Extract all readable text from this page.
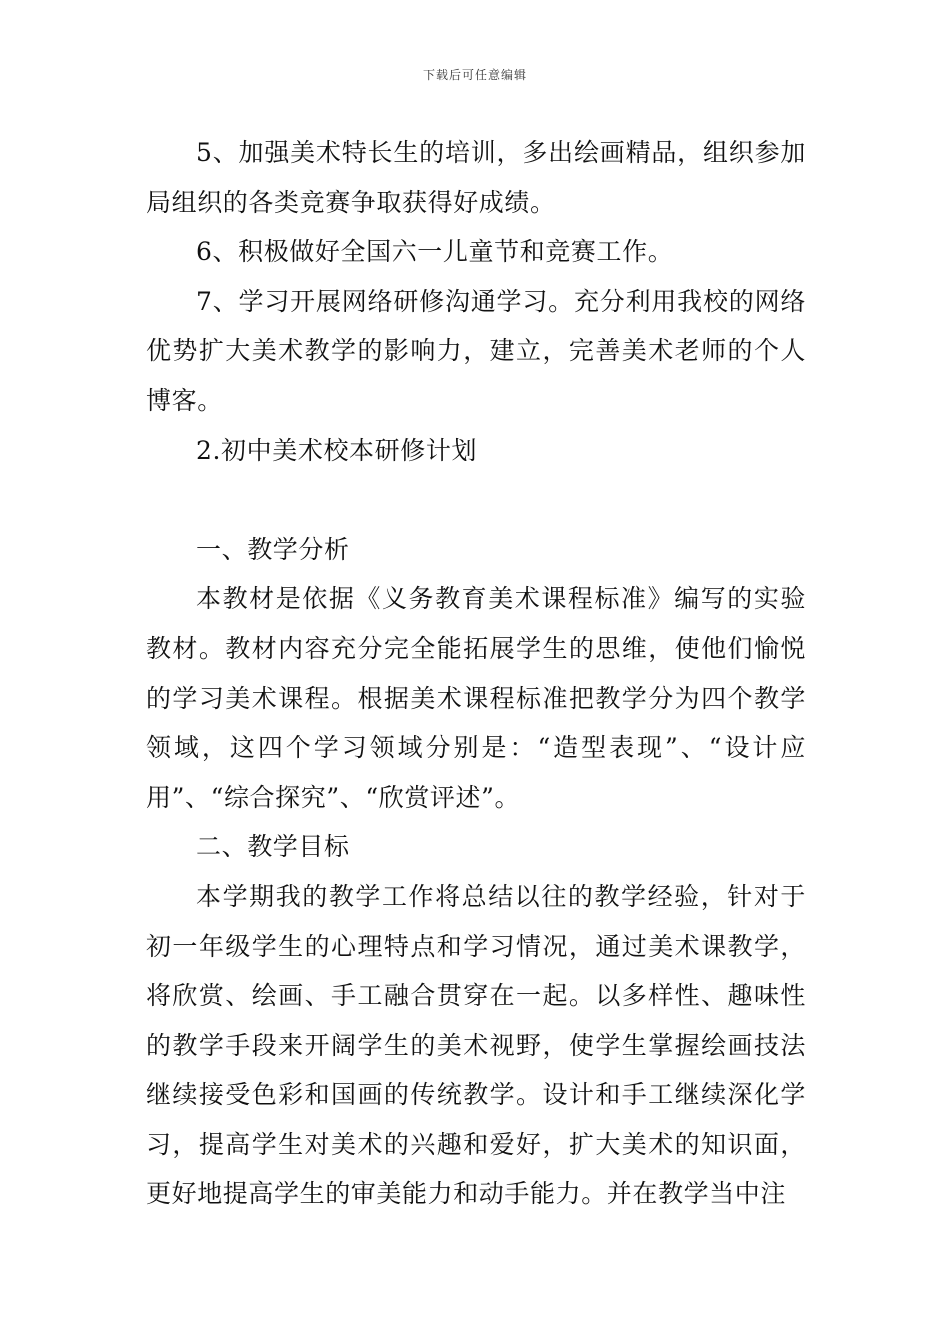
下载后可任意编辑

5、加强美术特长生的培训，多出绘画精品，组织参加局组织的各类竞赛争取获得好成绩。

6、积极做好全国六一儿童节和竞赛工作。

7、学习开展网络研修沟通学习。充分利用我校的网络优势扩大美术教学的影响力，建立，完善美术老师的个人博客。

2.初中美术校本研修计划

一、教学分析

本教材是依据《义务教育美术课程标准》编写的实验教材。教材内容充分完全能拓展学生的思维，使他们愉悦的学习美术课程。根据美术课程标准把教学分为四个教学领域，这四个学习领域分别是：“造型表现”、“设计应用”、“综合探究”、“欣赏评述”。

二、教学目标

本学期我的教学工作将总结以往的教学经验，针对于初一年级学生的心理特点和学习情况，通过美术课教学，将欣赏、绘画、手工融合贯穿在一起。以多样性、趣味性的教学手段来开阔学生的美术视野，使学生掌握绘画技法继续接受色彩和国画的传统教学。设计和手工继续深化学习，提高学生对美术的兴趣和爱好，扩大美术的知识面，更好地提高学生的审美能力和动手能力。并在教学当中注
